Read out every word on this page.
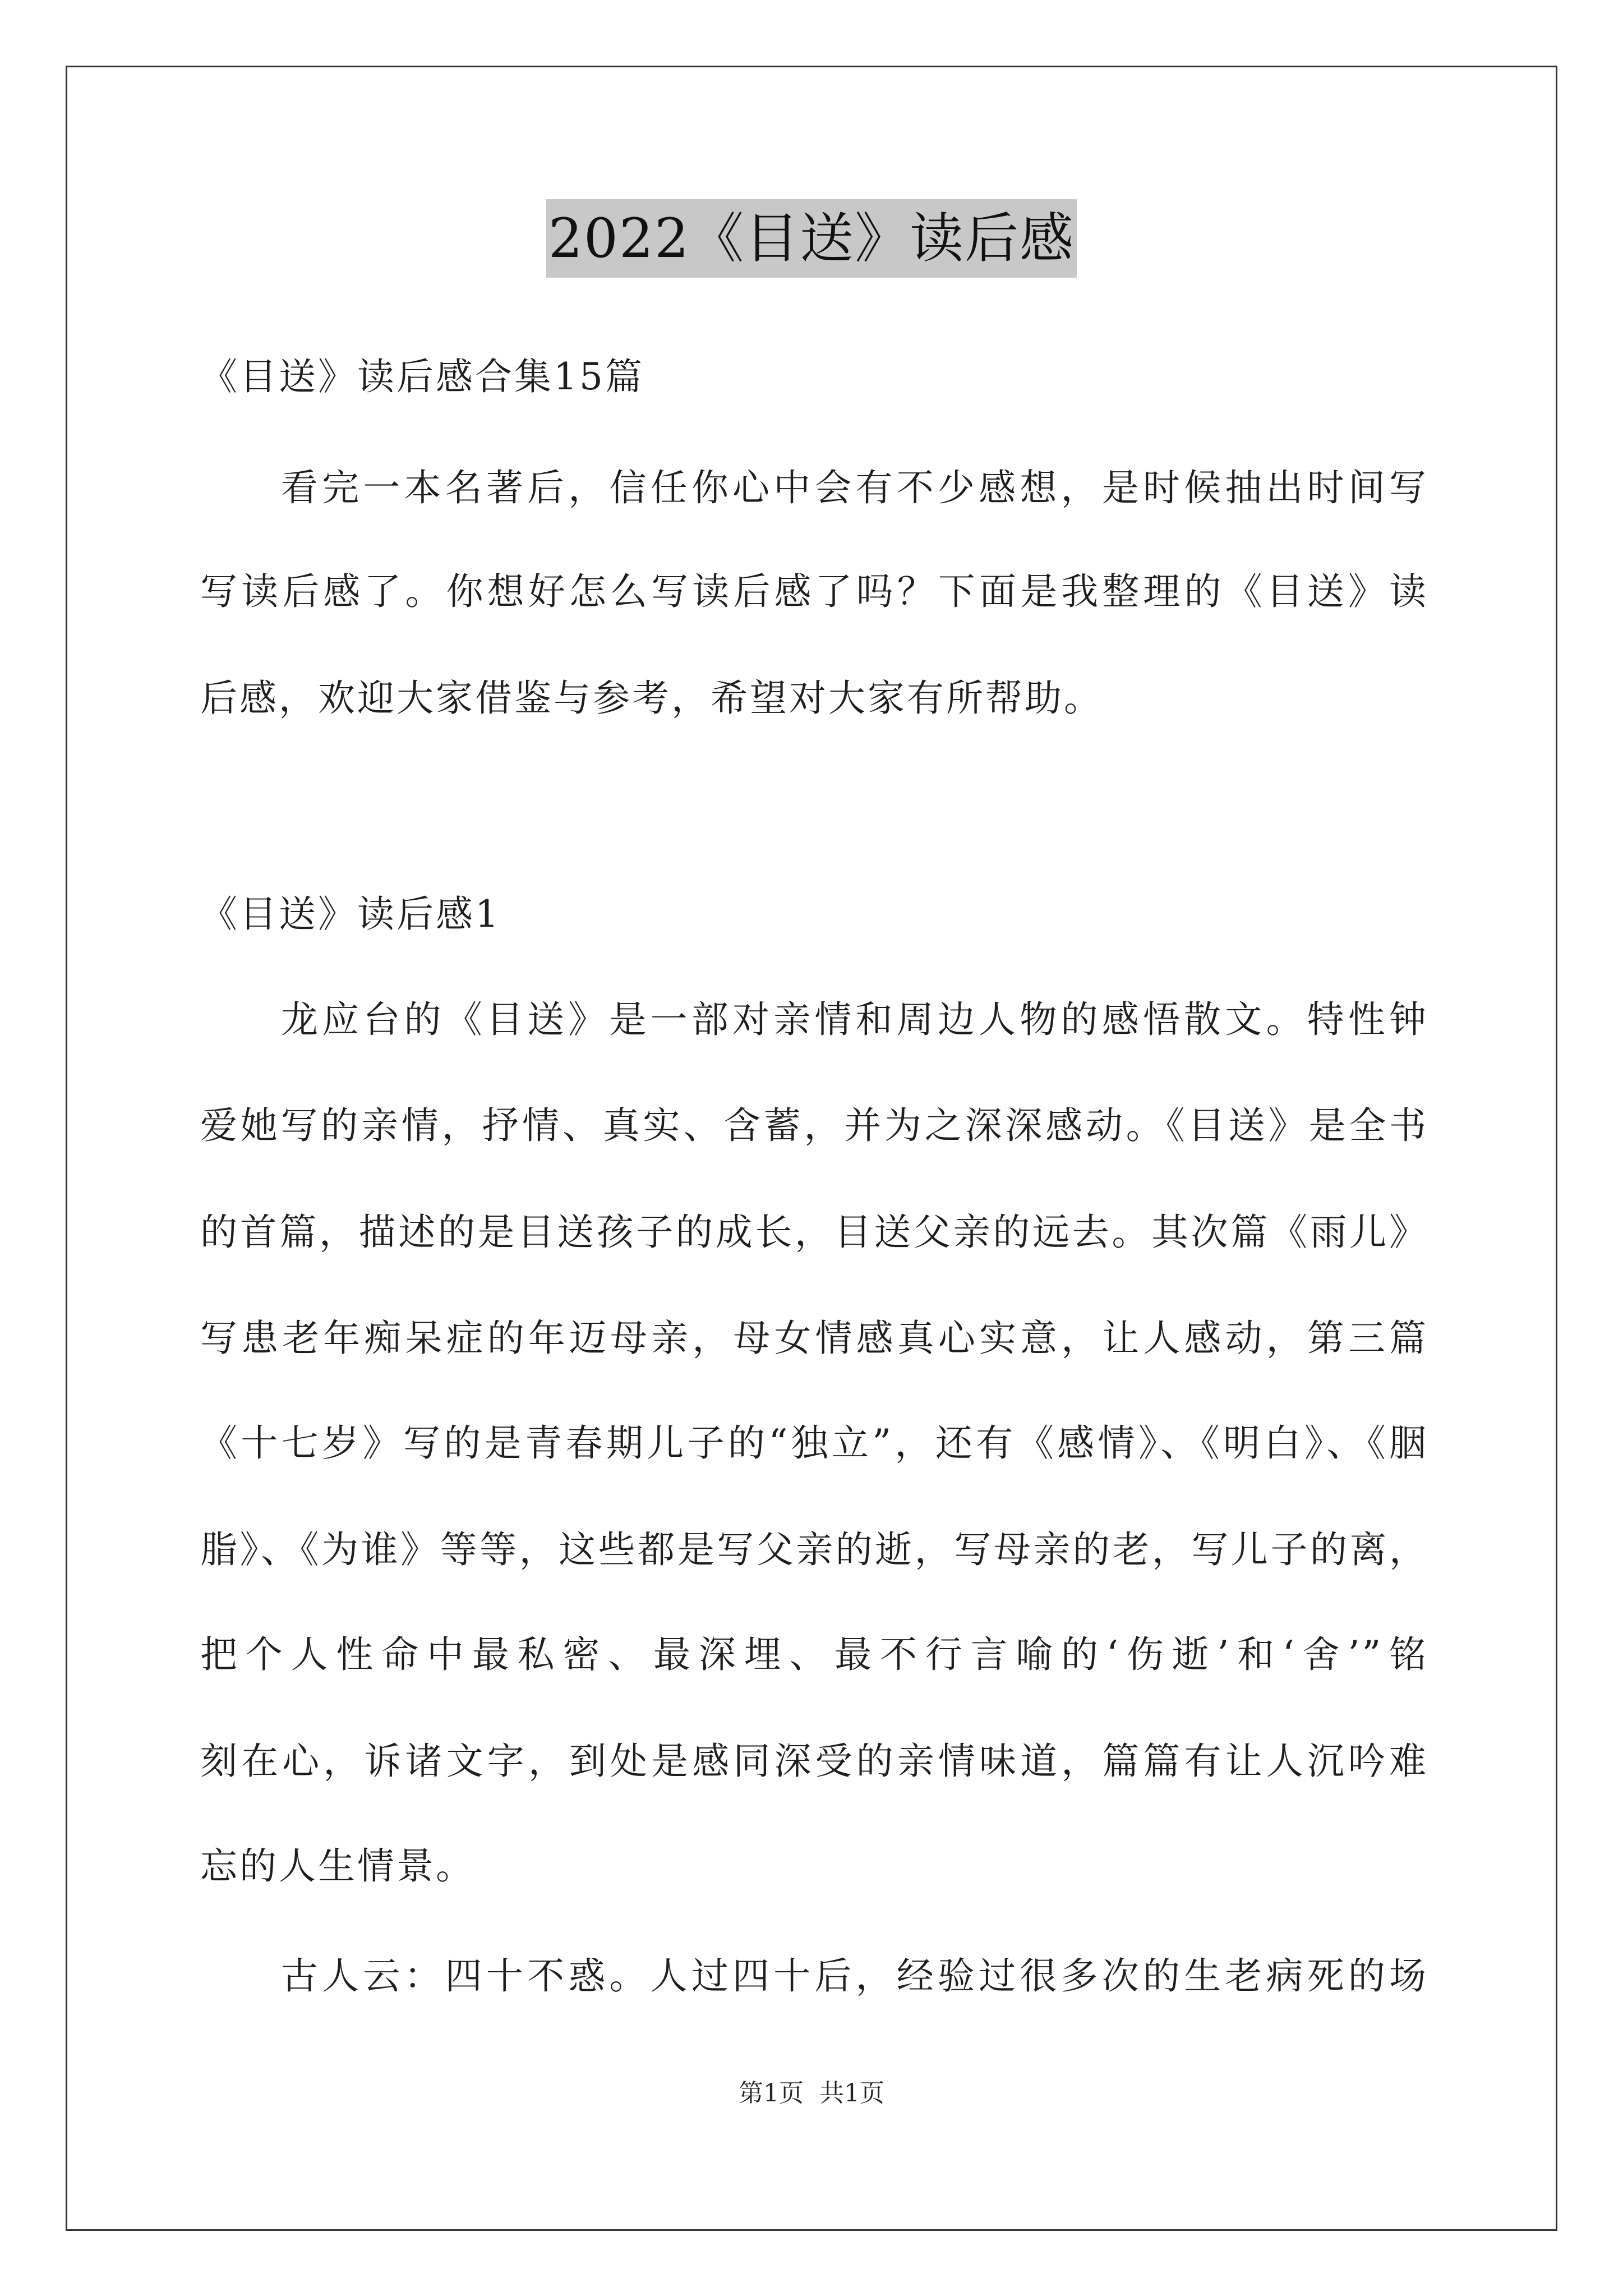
2022《目送》读后感
《目送》读后感合集15篇
看完一本名著后，信任你心中会有不少感想，是时候抽出时间写
写读后感了。你想好怎么写读后感了吗？下面是我整理的《目送》读
后感，欢迎大家借鉴与参考，希望对大家有所帮助。
《目送》读后感1
龙应台的《目送》是一部对亲情和周边人物的感悟散文。特性钟
爱她写的亲情，抒情、真实、含蓄，并为之深深感动。《目送》是全书
的首篇，描述的是目送孩子的成长，目送父亲的远去。其次篇《雨儿》
写患老年痴呆症的年迈母亲，母女情感真心实意，让人感动，第三篇
《十七岁》写的是青春期儿子的“独立”，还有《感情》、《明白》、《胭
脂》、《为谁》等等，这些都是写父亲的逝，写母亲的老，写儿子的离，
把个人性命中最私密、最深埋、最不行言喻的‘伤逝’和‘舍’”铭
刻在心，诉诸文字，到处是感同深受的亲情味道，篇篇有让人沉吟难
忘的人生情景。
古人云：四十不惑。人过四十后，经验过很多次的生老病死的场
第1页 共1页
